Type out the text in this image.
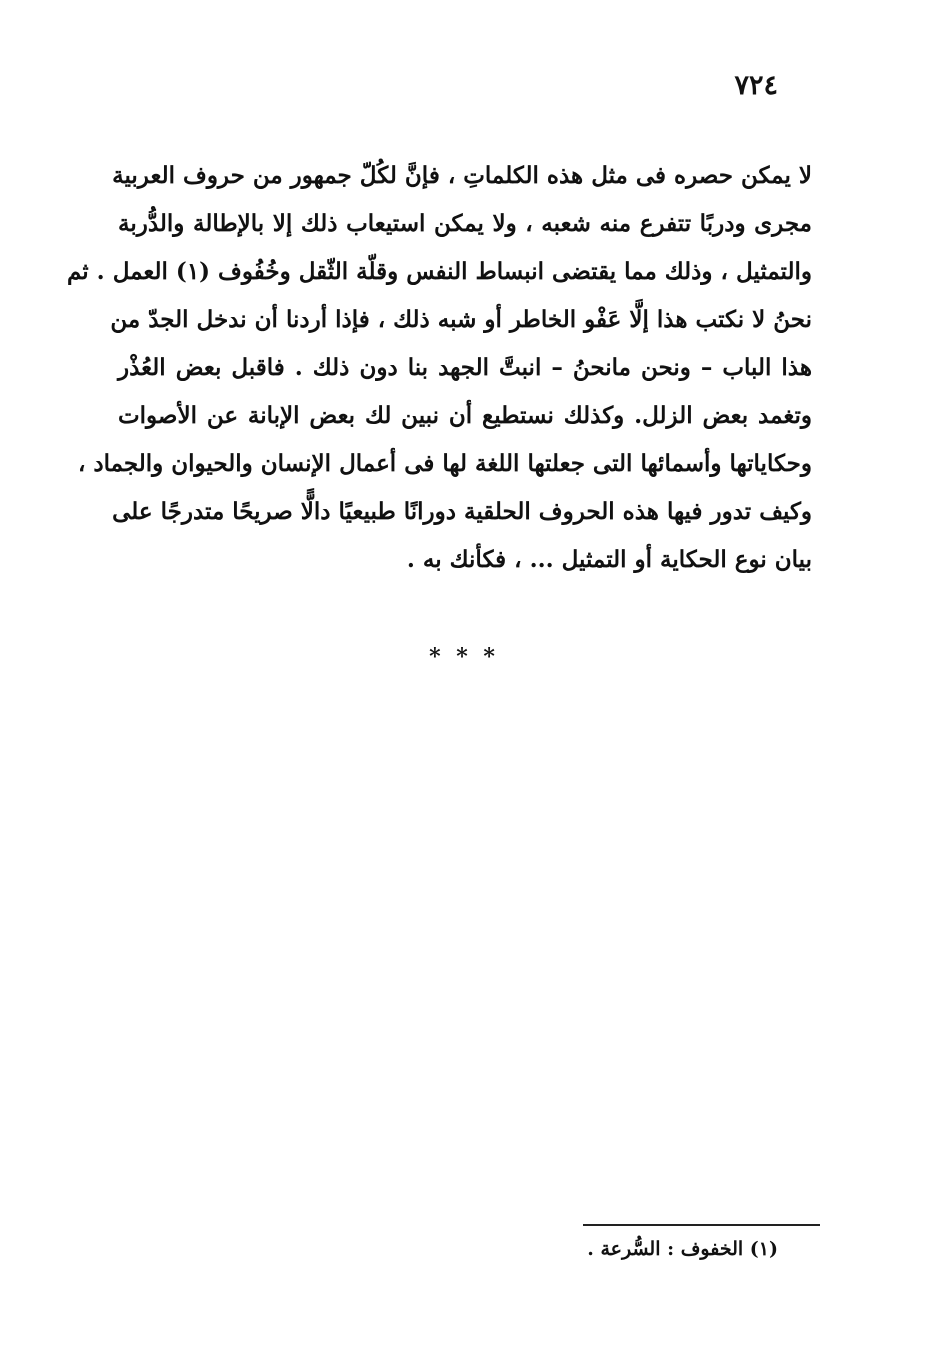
٧٢٤
لا يمكن حصره فى مثل هذه الكلماتِ ، فإنَّ لكُلّ جمهور من حروف العربية
مجرى ودربًا تتفرع منه شعبه ، ولا يمكن استيعاب ذلك إلا بالإطالة والدُّربة
والتمثيل ، وذلك مما يقتضى انبساط النفس وقلّة الثّقل وخُفُوف (١) العمل . ثم
نحنُ لا نكتب هذا إلَّا عَفْو الخاطر أو شبه ذلك ، فإذا أردنا أن ندخل الجدّ من
هذا الباب – ونحن مانحنُ – انبتَّ الجهد بنا دون ذلك . فاقبل بعض العُذْر
وتغمد بعض الزلل. وكذلك نستطيع أن نبين لك بعض الإبانة عن الأصوات
وحكاياتها وأسمائها التى جعلتها اللغة لها فى أعمال الإنسان والحيوان والجماد ،
وكيف تدور فيها هذه الحروف الحلقية دورانًا طبيعيًا دالًّا صريحًا متدرجًا على
بيان نوع الحكاية أو التمثيل ... ، فكأنك به .
* * *
(١) الخفوف : السُّرعة .
